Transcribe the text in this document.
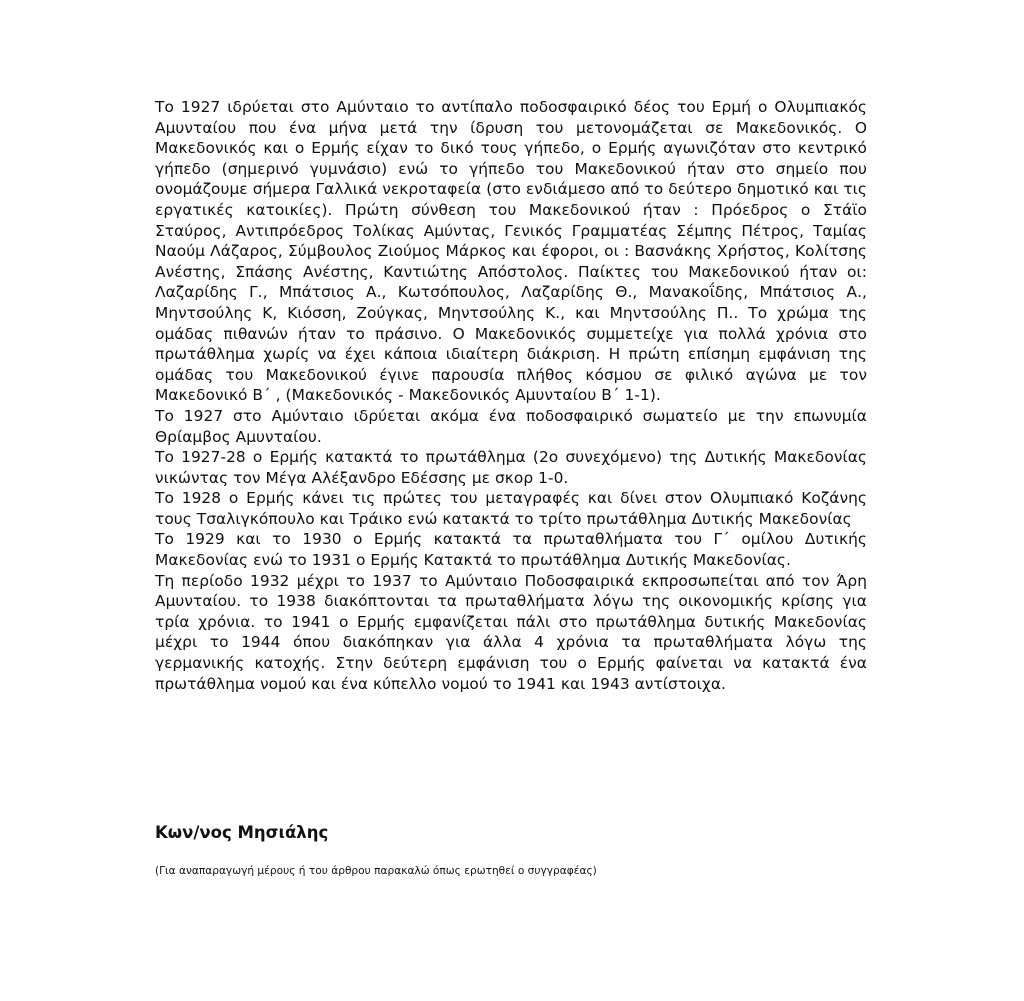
Το 1927 ιδρύεται στο Αμύνταιο το αντίπαλο ποδοσφαιρικό δέος του Ερμή ο Ολυμπιακός Αμυνταίου που ένα μήνα μετά την ίδρυση του μετονομάζεται σε Μακεδονικός. Ο Μακεδονικός και ο Ερμής είχαν το δικό τους γήπεδο, ο Ερμής αγωνιζόταν στο κεντρικό γήπεδο (σημερινό γυμνάσιο) ενώ το γήπεδο του Μακεδονικού ήταν στο σημείο που ονομάζουμε σήμερα Γαλλικά νεκροταφεία (στο ενδιάμεσο από το δεύτερο δημοτικό και τις εργατικές κατοικίες). Πρώτη σύνθεση του Μακεδονικού ήταν : Πρόεδρος ο Στάϊο Σταύρος, Αντιπρόεδρος Τολίκας Αμύντας, Γενικός Γραμματέας Σέμπης Πέτρος, Ταμίας Ναούμ Λάζαρος, Σύμβουλος Ζιούμος Μάρκος και έφοροι, οι : Βασνάκης Χρήστος, Κολίτσης Ανέστης, Σπάσης Ανέστης, Καντιώτης Απόστολος. Παίκτες του Μακεδονικού ήταν οι: Λαζαρίδης Γ., Μπάτσιος Α., Κωτσόπουλος, Λαζαρίδης Θ., Μανακοΐδης, Μπάτσιος Α., Μηντσούλης Κ, Κιόσση, Ζούγκας, Μηντσούλης Κ., και Μηντσούλης Π.. Το χρώμα της ομάδας πιθανών ήταν το πράσινο. Ο Μακεδονικός συμμετείχε για πολλά χρόνια στο πρωτάθλημα χωρίς να έχει κάποια ιδιαίτερη διάκριση. Η πρώτη επίσημη εμφάνιση της ομάδας του Μακεδονικού έγινε παρουσία πλήθος κόσμου σε φιλικό αγώνα με τον Μακεδονικό Β΄ , (Μακεδονικός - Μακεδονικός Αμυνταίου Β΄ 1-1).

Το 1927 στο Αμύνταιο ιδρύεται ακόμα ένα ποδοσφαιρικό σωματείο με την επωνυμία Θρίαμβος Αμυνταίου.

Το 1927-28 ο Ερμής κατακτά το πρωτάθλημα (2ο συνεχόμενο) της Δυτικής Μακεδονίας νικώντας τον Μέγα Αλέξανδρο Εδέσσης με σκορ 1-0.

Το 1928 ο Ερμής κάνει τις πρώτες του μεταγραφές και δίνει στον Ολυμπιακό Κοζάνης τους Τσαλιγκόπουλο και Τράικο ενώ κατακτά το τρίτο πρωτάθλημα Δυτικής Μακεδονίας

Το 1929 και το 1930 ο Ερμής κατακτά τα πρωταθλήματα του Γ΄ ομίλου Δυτικής Μακεδονίας ενώ το 1931 ο Ερμής Κατακτά το πρωτάθλημα Δυτικής Μακεδονίας.

Τη περίοδο 1932 μέχρι το 1937 το Αμύνταιο Ποδοσφαιρικά εκπροσωπείται από τον Άρη Αμυνταίου. το 1938 διακόπτονται τα πρωταθλήματα λόγω της οικονομικής κρίσης για τρία χρόνια. το 1941 ο Ερμής εμφανίζεται πάλι στο πρωτάθλημα δυτικής Μακεδονίας μέχρι το 1944 όπου διακόπηκαν για άλλα 4 χρόνια τα πρωταθλήματα λόγω της γερμανικής κατοχής. Στην δεύτερη εμφάνιση του ο Ερμής φαίνεται να κατακτά ένα πρωτάθλημα νομού και ένα κύπελλο νομού το 1941 και 1943 αντίστοιχα.

Κων/νος Μησιάλης

(Για αναπαραγωγή μέρους ή του άρθρου παρακαλώ όπως ερωτηθεί ο συγγραφέας)
